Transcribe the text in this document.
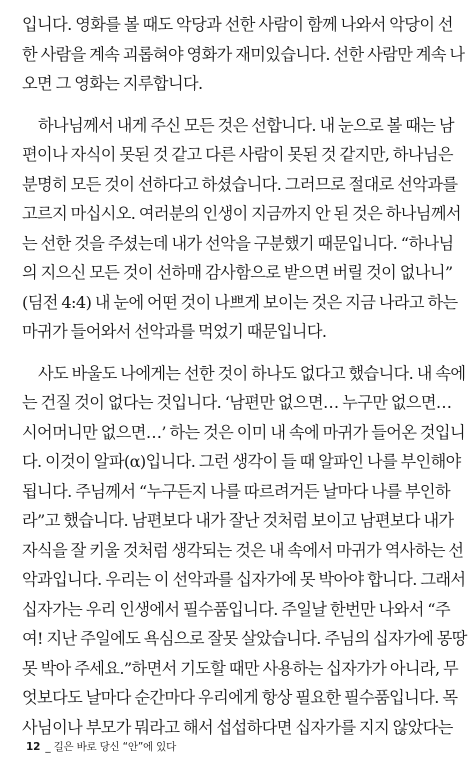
입니다. 영화를 볼 때도 악당과 선한 사람이 함께 나와서 악당이 선
한 사람을 계속 괴롭혀야 영화가 재미있습니다. 선한 사람만 계속 나
오면 그 영화는 지루합니다.

하나님께서 내게 주신 모든 것은 선합니다. 내 눈으로 볼 때는 남
편이나 자식이 못된 것 같고 다른 사람이 못된 것 같지만, 하나님은
분명히 모든 것이 선하다고 하셨습니다. 그러므로 절대로 선악과를
고르지 마십시오. 여러분의 인생이 지금까지 안 된 것은 하나님께서
는 선한 것을 주셨는데 내가 선악을 구분했기 때문입니다. “하나님
의 지으신 모든 것이 선하매 감사함으로 받으면 버릴 것이 없나니”
(딤전 4:4) 내 눈에 어떤 것이 나쁘게 보이는 것은 지금 나라고 하는
마귀가 들어와서 선악과를 먹었기 때문입니다.

사도 바울도 나에게는 선한 것이 하나도 없다고 했습니다. 내 속에
는 건질 것이 없다는 것입니다. ‘남편만 없으면… 누구만 없으면…
시어머니만 없으면…’ 하는 것은 이미 내 속에 마귀가 들어온 것입니
다. 이것이 알파(α)입니다. 그런 생각이 들 때 알파인 나를 부인해야
됩니다. 주님께서 “누구든지 나를 따르려거든 날마다 나를 부인하
라”고 했습니다. 남편보다 내가 잘난 것처럼 보이고 남편보다 내가
자식을 잘 키울 것처럼 생각되는 것은 내 속에서 마귀가 역사하는 선
악과입니다. 우리는 이 선악과를 십자가에 못 박아야 합니다. 그래서
십자가는 우리 인생에서 필수품입니다. 주일날 한번만 나와서 “주
여! 지난 주일에도 욕심으로 잘못 살았습니다. 주님의 십자가에 몽땅
못 박아 주세요.”하면서 기도할 때만 사용하는 십자가가 아니라, 무
엇보다도 날마다 순간마다 우리에게 항상 필요한 필수품입니다. 목
사님이나 부모가 뭐라고 해서 섭섭하다면 십자가를 지지 않았다는

12 _ 길은 바로 당신 “안”에 있다
